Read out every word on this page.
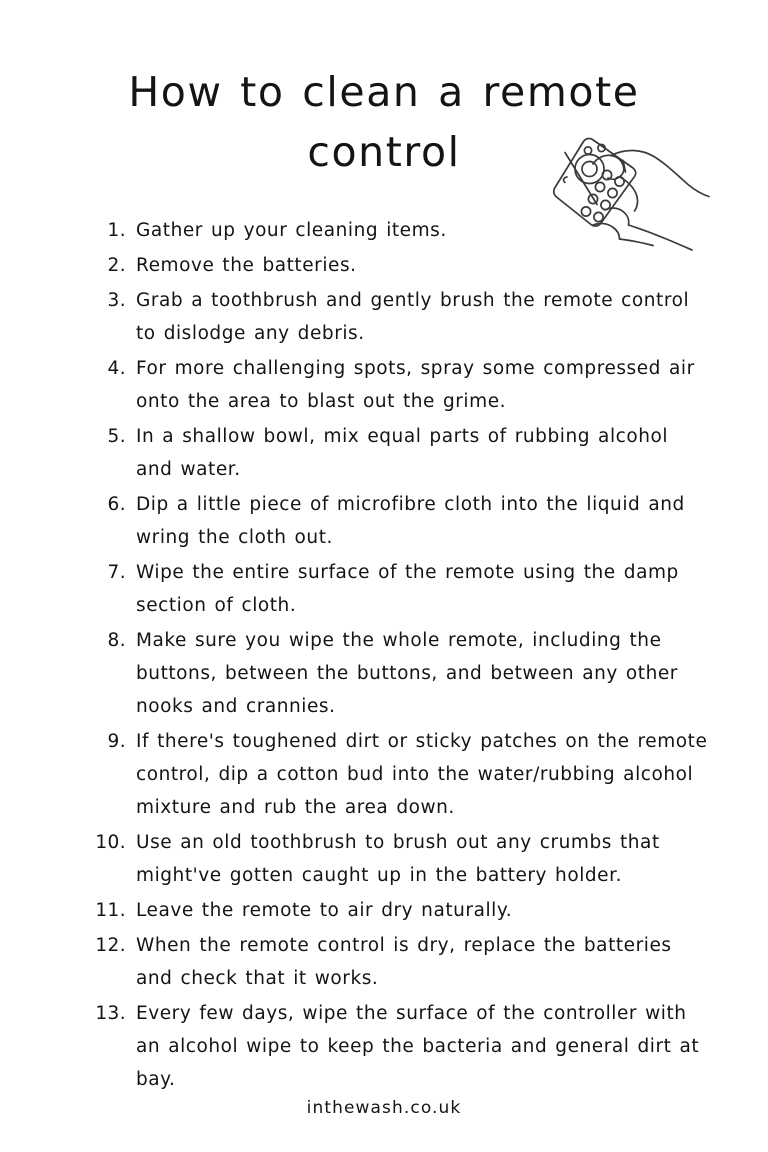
How to clean a remote
control
1. Gather up your cleaning items.
2. Remove the batteries.
3. Grab a toothbrush and gently brush the remote control to dislodge any debris.
4. For more challenging spots, spray some compressed air onto the area to blast out the grime.
5. In a shallow bowl, mix equal parts of rubbing alcohol and water.
6. Dip a little piece of microfibre cloth into the liquid and wring the cloth out.
7. Wipe the entire surface of the remote using the damp section of cloth.
8. Make sure you wipe the whole remote, including the buttons, between the buttons, and between any other nooks and crannies.
9. If there's toughened dirt or sticky patches on the remote control, dip a cotton bud into the water/rubbing alcohol mixture and rub the area down.
10. Use an old toothbrush to brush out any crumbs that might've gotten caught up in the battery holder.
11. Leave the remote to air dry naturally.
12. When the remote control is dry, replace the batteries and check that it works.
13. Every few days, wipe the surface of the controller with an alcohol wipe to keep the bacteria and general dirt at bay.
inthewash.co.uk
